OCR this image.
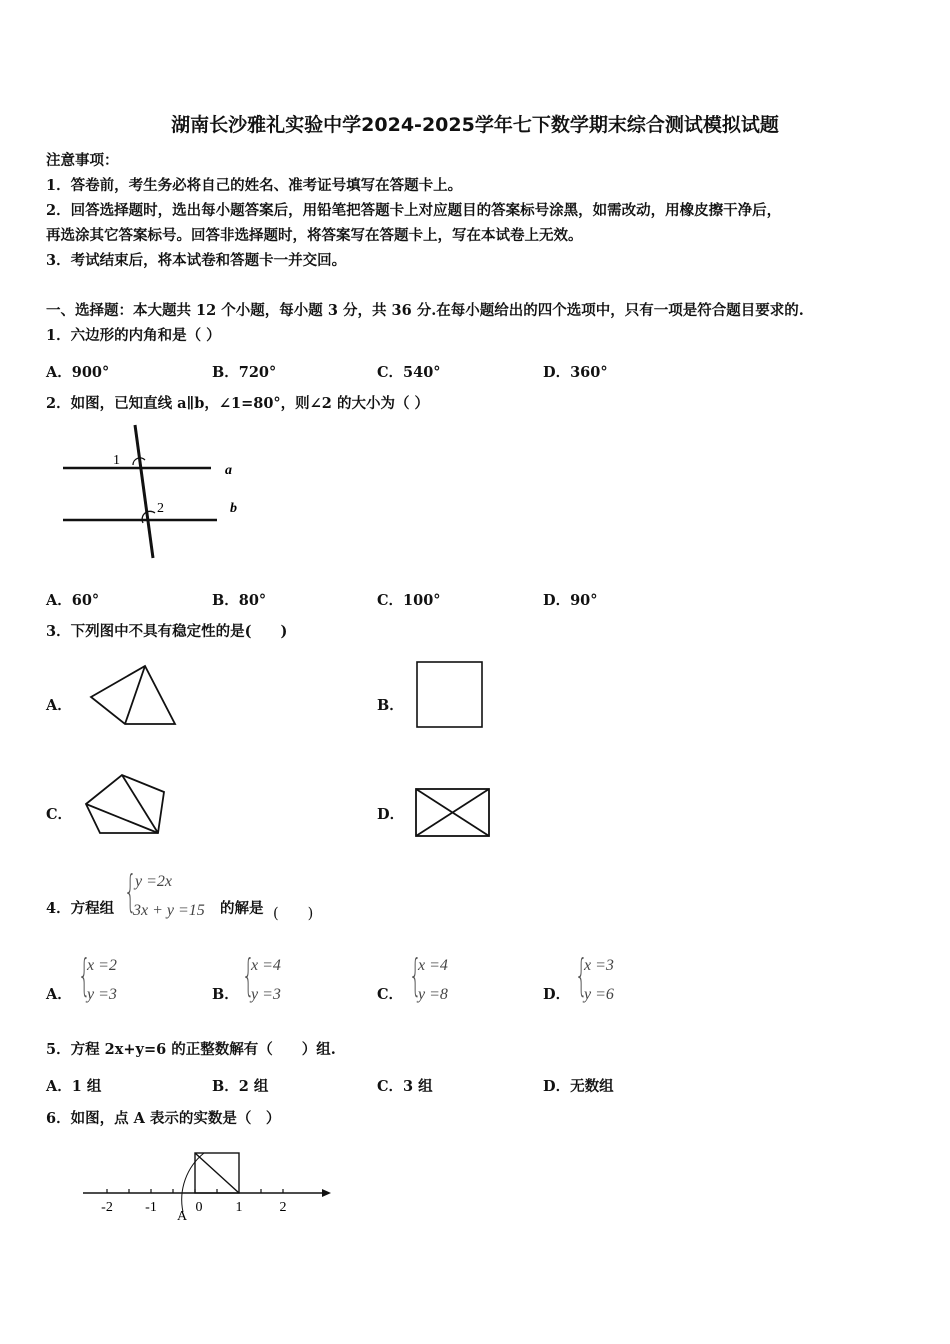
湖南长沙雅礼实验中学2024-2025学年七下数学期末综合测试模拟试题
注意事项：
1．答卷前，考生务必将自己的姓名、准考证号填写在答题卡上。
2．回答选择题时，选出每小题答案后，用铅笔把答题卡上对应题目的答案标号涂黑，如需改动，用橡皮擦干净后，
再选涂其它答案标号。回答非选择题时，将答案写在答题卡上，写在本试卷上无效。
3．考试结束后，将本试卷和答题卡一并交回。
一、选择题：本大题共 12 个小题，每小题 3 分，共 36 分.在每小题给出的四个选项中，只有一项是符合题目要求的.
1．六边形的内角和是（ ）
A．900°	B．720°	C．540°	D．360°
2．如图，已知直线 a∥b，∠1=80°，则∠2 的大小为（ ）
1
2
a
b
A．60°	B．80°	C．100°	D．90°
3．下列图中不具有稳定性的是(　　)
A．	B．
C．	D．
4．方程组 {
y =2x
3x + y =15 的解是 (　　)
A． {
x =2
y =3	B． {
x =4
y =3	C． {
x =4
y =8	D． {
x =3
y =6
5．方程 2x+y=6 的正整数解有（　　）组.
A．1 组	B．2 组	C．3 组	D．无数组
6．如图，点 A 表示的实数是（　）
-2 -1	0 1	2
A
